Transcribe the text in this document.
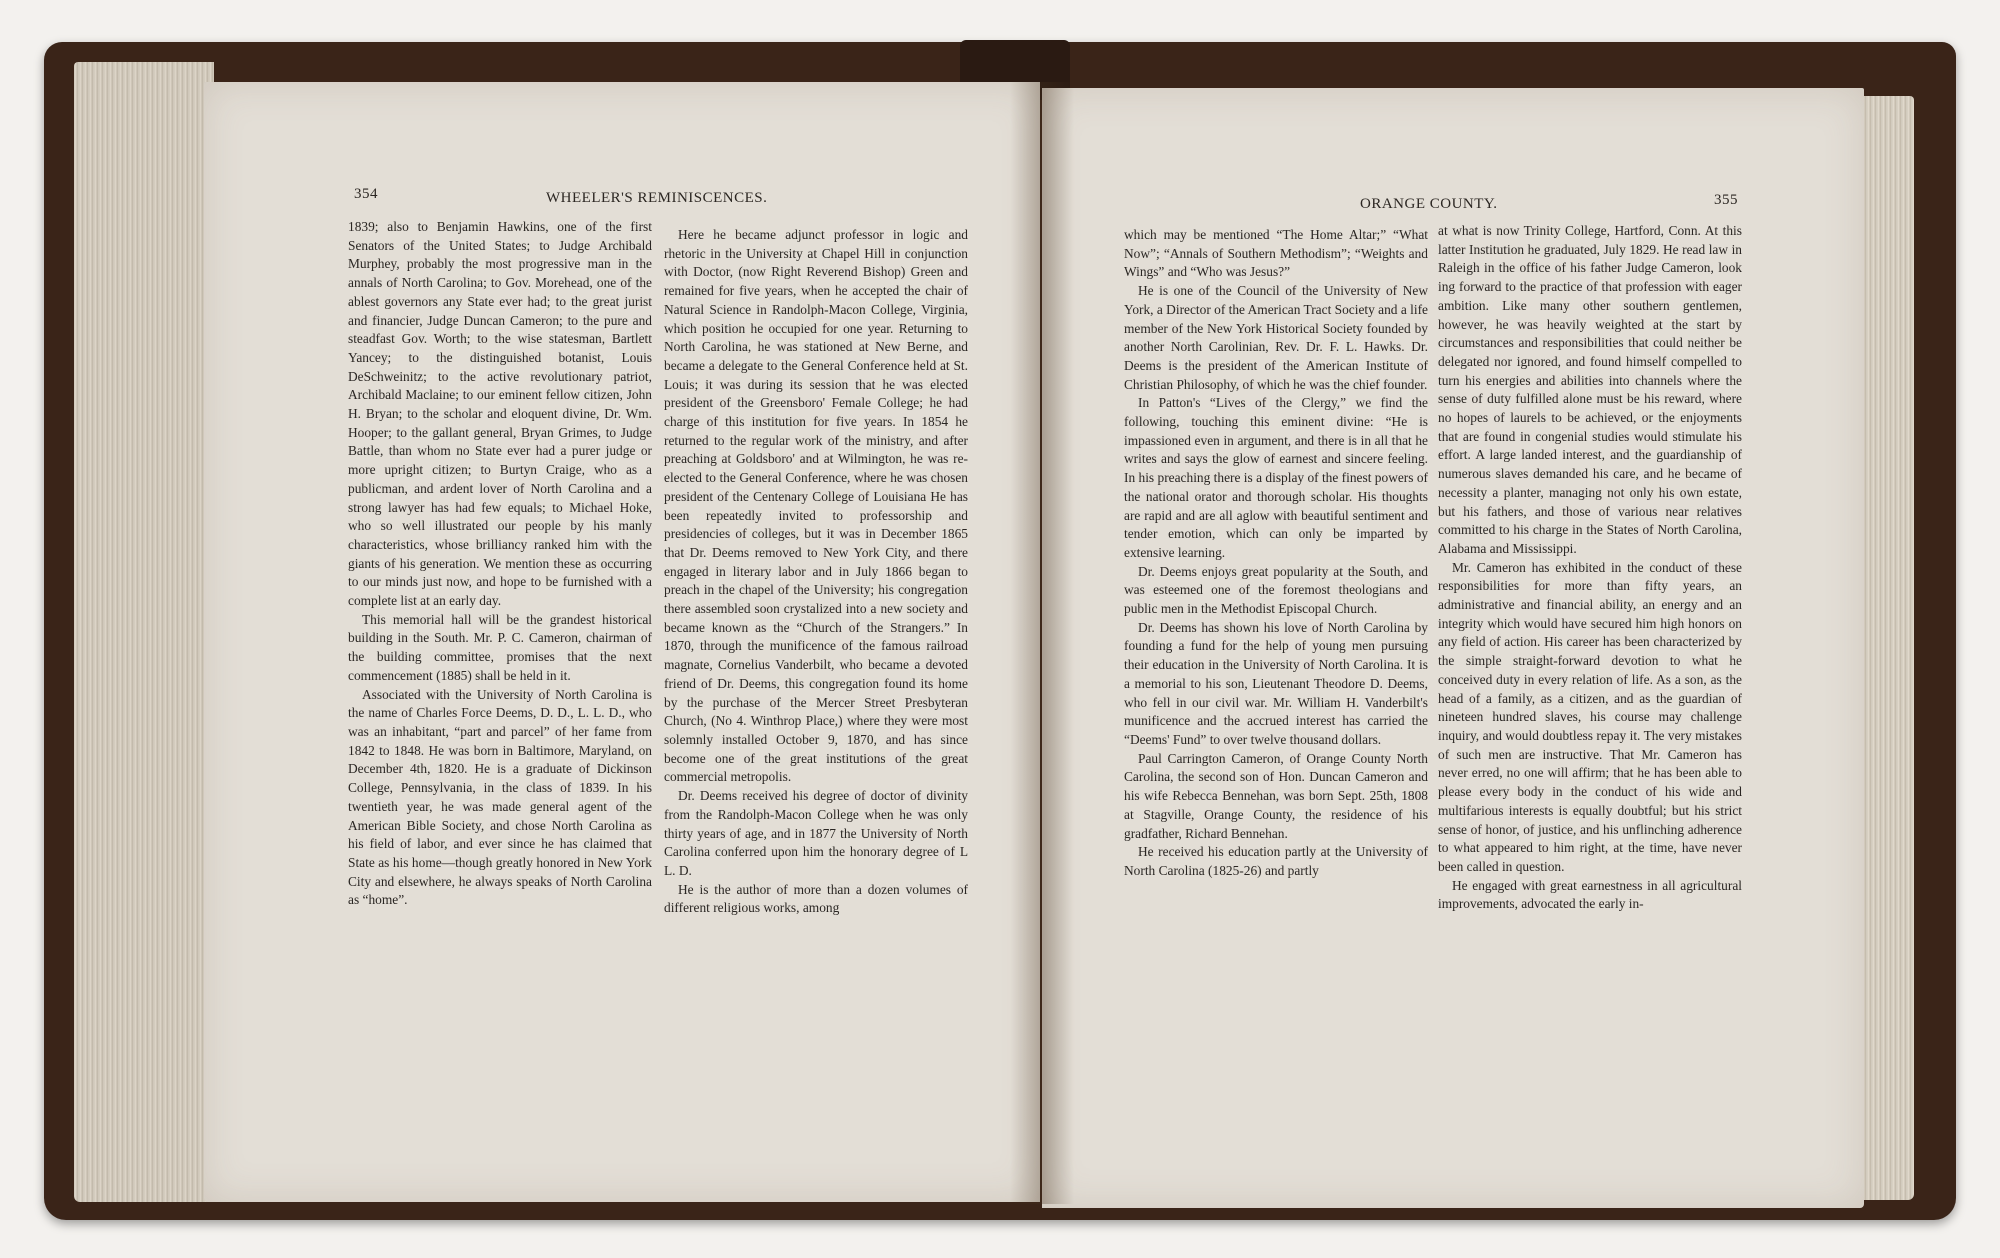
354	WHEELER'S REMINISCENCES.

1839; also to Benjamin Hawkins, one of the first Senators of the United States; to Judge Archibald Murphey, probably the most progressive man in the annals of North Carolina; to Gov. Morehead, one of the ablest governors any State ever had; to the great jurist and financier, Judge Duncan Cameron; to the pure and steadfast Gov. Worth; to the wise statesman, Bartlett Yancey; to the distinguished botanist, Louis DeSchweinitz; to the active revolutionary patriot, Archibald Maclaine; to our eminent fellow citizen, John H. Bryan; to the scholar and eloquent divine, Dr. Wm. Hooper; to the gallant general, Bryan Grimes, to Judge Battle, than whom no State ever had a purer judge or more upright citizen; to Burtyn Craige, who as a publicman, and ardent lover of North Carolina and a strong lawyer has had few equals; to Michael Hoke, who so well illustrated our people by his manly characteristics, whose brilliancy ranked him with the giants of his generation. We mention these as occurring to our minds just now, and hope to be furnished with a complete list at an early day.

This memorial hall will be the grandest historical building in the South. Mr. P. C. Cameron, chairman of the building committee, promises that the next commencement (1885) shall be held in it.

Associated with the University of North Carolina is the name of Charles Force Deems, D. D., L. L. D., who was an inhabitant, “part and parcel” of her fame from 1842 to 1848. He was born in Baltimore, Maryland, on December 4th, 1820. He is a graduate of Dickinson College, Pennsylvania, in the class of 1839. In his twentieth year, he was made general agent of the American Bible Society, and chose North Carolina as his field of labor, and ever since he has claimed that State as his home—though greatly honored in New York City and elsewhere, he always speaks of North Carolina as “home”.

Here he became adjunct professor in logic and rhetoric in the University at Chapel Hill in conjunction with Doctor, (now Right Reverend Bishop) Green and remained for five years, when he accepted the chair of Natural Science in Randolph-Macon College, Virginia, which position he occupied for one year. Returning to North Carolina, he was stationed at New Berne, and became a delegate to the General Conference held at St. Louis; it was during its session that he was elected president of the Greensboro' Female College; he had charge of this institution for five years. In 1854 he returned to the regular work of the ministry, and after preaching at Goldsboro' and at Wilmington, he was re-elected to the General Conference, where he was chosen president of the Centenary College of Louisiana He has been repeatedly invited to professorship and presidencies of colleges, but it was in December 1865 that Dr. Deems removed to New York City, and there engaged in literary labor and in July 1866 began to preach in the chapel of the University; his congregation there assembled soon crystalized into a new society and became known as the “Church of the Strangers.” In 1870, through the munificence of the famous railroad magnate, Cornelius Vanderbilt, who became a devoted friend of Dr. Deems, this congregation found its home by the purchase of the Mercer Street Presbyteran Church, (No 4. Winthrop Place,) where they were most solemnly installed October 9, 1870, and has since become one of the great institutions of the great commercial metropolis.

Dr. Deems received his degree of doctor of divinity from the Randolph-Macon College when he was only thirty years of age, and in 1877 the University of North Carolina conferred upon him the honorary degree of L L. D.

He is the author of more than a dozen volumes of different religious works, among

ORANGE COUNTY.	355

which may be mentioned “The Home Altar;” “What Now”; “Annals of Southern Methodism”; “Weights and Wings” and “Who was Jesus?”

He is one of the Council of the University of New York, a Director of the American Tract Society and a life member of the New York Historical Society founded by another North Carolinian, Rev. Dr. F. L. Hawks. Dr. Deems is the president of the American Institute of Christian Philosophy, of which he was the chief founder.

In Patton's “Lives of the Clergy,” we find the following, touching this eminent divine: “He is impassioned even in argument, and there is in all that he writes and says the glow of earnest and sincere feeling. In his preaching there is a display of the finest powers of the national orator and thorough scholar. His thoughts are rapid and are all aglow with beautiful sentiment and tender emotion, which can only be imparted by extensive learning.

Dr. Deems enjoys great popularity at the South, and was esteemed one of the foremost theologians and public men in the Methodist Episcopal Church.

Dr. Deems has shown his love of North Carolina by founding a fund for the help of young men pursuing their education in the University of North Carolina. It is a memorial to his son, Lieutenant Theodore D. Deems, who fell in our civil war. Mr. William H. Vanderbilt's munificence and the accrued interest has carried the “Deems' Fund” to over twelve thousand dollars.

Paul Carrington Cameron, of Orange County North Carolina, the second son of Hon. Duncan Cameron and his wife Rebecca Bennehan, was born Sept. 25th, 1808 at Stagville, Orange County, the residence of his gradfather, Richard Bennehan.

He received his education partly at the University of North Carolina (1825-26) and partly

at what is now Trinity College, Hartford, Conn. At this latter Institution he graduated, July 1829. He read law in Raleigh in the office of his father Judge Cameron, look ing forward to the practice of that profession with eager ambition. Like many other southern gentlemen, however, he was heavily weighted at the start by circumstances and responsibilities that could neither be delegated nor ignored, and found himself compelled to turn his energies and abilities into channels where the sense of duty fulfilled alone must be his reward, where no hopes of laurels to be achieved, or the enjoyments that are found in congenial studies would stimulate his effort. A large landed interest, and the guardianship of numerous slaves demanded his care, and he became of necessity a planter, managing not only his own estate, but his fathers, and those of various near relatives committed to his charge in the States of North Carolina, Alabama and Mississippi.

Mr. Cameron has exhibited in the conduct of these responsibilities for more than fifty years, an administrative and financial ability, an energy and an integrity which would have secured him high honors on any field of action. His career has been characterized by the simple straight-forward devotion to what he conceived duty in every relation of life. As a son, as the head of a family, as a citizen, and as the guardian of nineteen hundred slaves, his course may challenge inquiry, and would doubtless repay it. The very mistakes of such men are instructive. That Mr. Cameron has never erred, no one will affirm; that he has been able to please every body in the conduct of his wide and multifarious interests is equally doubtful; but his strict sense of honor, of justice, and his unflinching adherence to what appeared to him right, at the time, have never been called in question.

He engaged with great earnestness in all agricultural improvements, advocated the early in-
